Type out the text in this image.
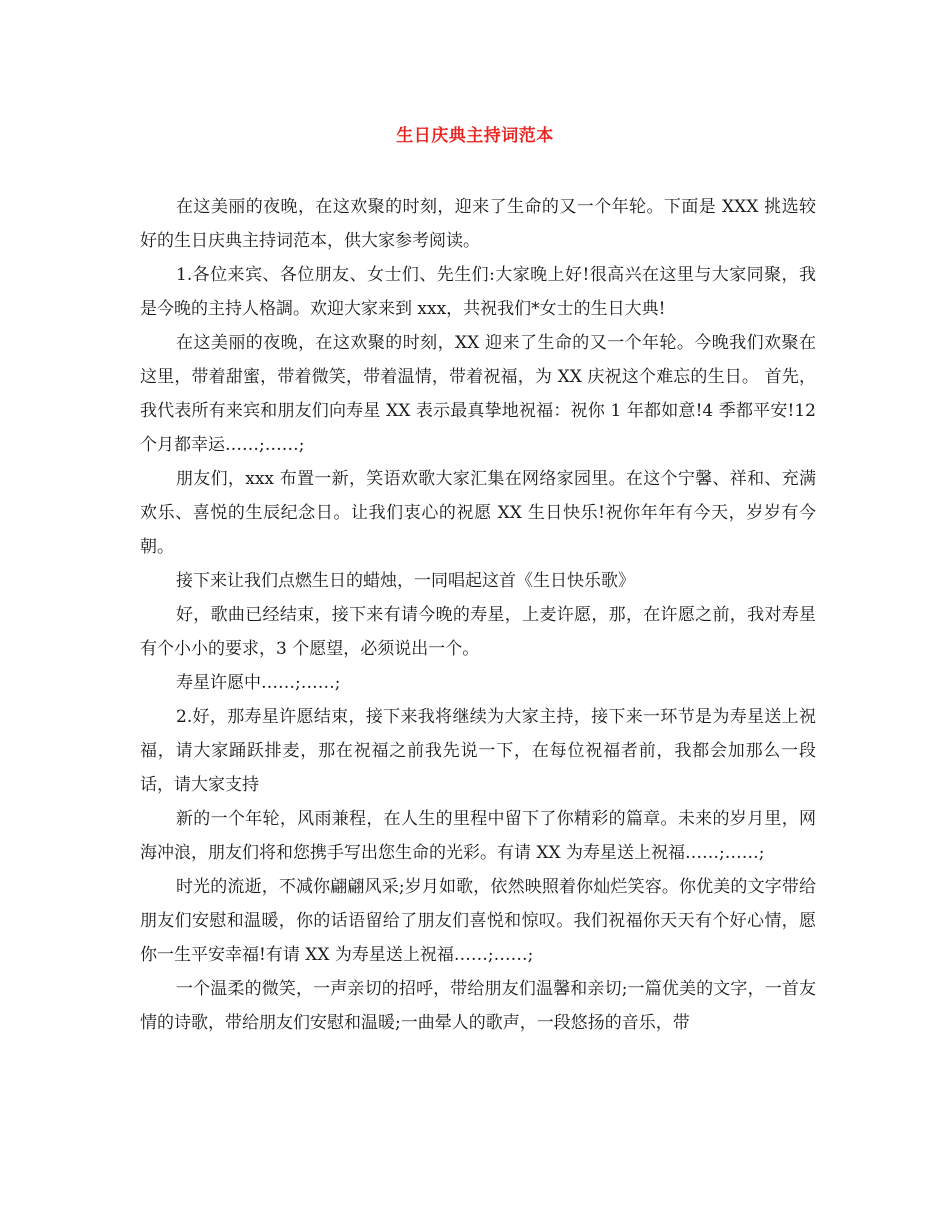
生日庆典主持词范本

在这美丽的夜晚，在这欢聚的时刻，迎来了生命的又一个年轮。下面是 XXX 挑选较好的生日庆典主持词范本，供大家参考阅读。

1.各位来宾、各位朋友、女士们、先生们:大家晚上好!很高兴在这里与大家同聚，我是今晚的主持人格調。欢迎大家来到 xxx，共祝我们*女士的生日大典!

在这美丽的夜晚，在这欢聚的时刻，XX 迎来了生命的又一个年轮。今晚我们欢聚在这里，带着甜蜜，带着微笑，带着温情，带着祝福，为 XX 庆祝这个难忘的生日。 首先，我代表所有来宾和朋友们向寿星 XX 表示最真挚地祝福：祝你 1 年都如意!4 季都平安!12 个月都幸运……;……;

朋友们，xxx 布置一新，笑语欢歌大家汇集在网络家园里。在这个宁馨、祥和、充满欢乐、喜悦的生辰纪念日。让我们衷心的祝愿 XX 生日快乐!祝你年年有今天，岁岁有今朝。

接下来让我们点燃生日的蜡烛，一同唱起这首《生日快乐歌》

好，歌曲已经结束，接下来有请今晚的寿星，上麦许愿，那，在许愿之前，我对寿星有个小小的要求，3 个愿望，必须说出一个。

寿星许愿中……;……;

2.好，那寿星许愿结束，接下来我将继续为大家主持，接下来一环节是为寿星送上祝福，请大家踊跃排麦，那在祝福之前我先说一下，在每位祝福者前，我都会加那么一段话，请大家支持

新的一个年轮，风雨兼程，在人生的里程中留下了你精彩的篇章。未来的岁月里，网海冲浪，朋友们将和您携手写出您生命的光彩。有请 XX 为寿星送上祝福……;……;

时光的流逝，不减你翩翩风采;岁月如歌，依然映照着你灿烂笑容。你优美的文字带给朋友们安慰和温暖，你的话语留给了朋友们喜悦和惊叹。我们祝福你天天有个好心情，愿你一生平安幸福!有请 XX 为寿星送上祝福……;……;

一个温柔的微笑，一声亲切的招呼，带给朋友们温馨和亲切;一篇优美的文字，一首友情的诗歌，带给朋友们安慰和温暖;一曲晕人的歌声，一段悠扬的音乐，带
